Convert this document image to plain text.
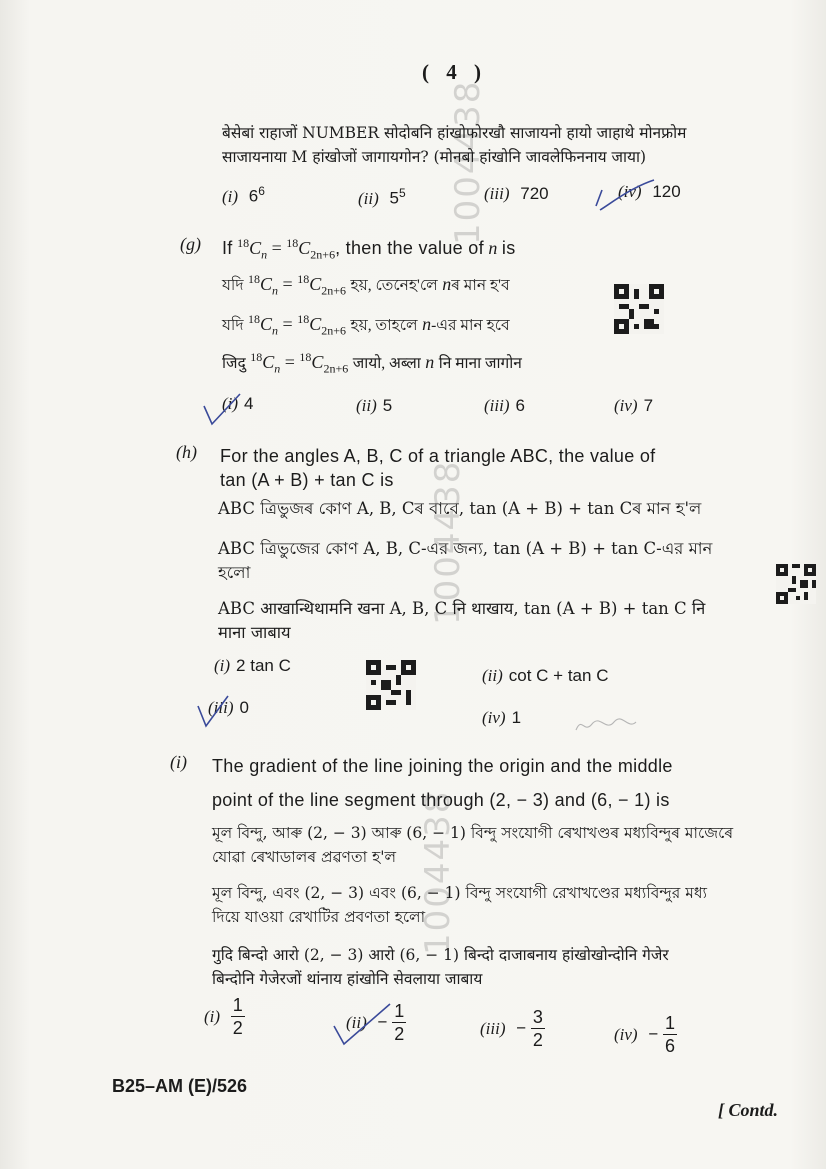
1004438
1004438
1004438
( 4 )
बेसेबां राहाजों NUMBER सोदोबनि हांखोफोरखौ साजायनो हायो जाहाथे मोनफ्रोम
साजायनाया M हांखोजों जागायगोन? (मोनबो हांखोनि जावलेफिननाय जाया)
(i) $6^6$	(ii) $5^5$	(iii) 720	(iv) 120
(g) If $^{18}C_n = ^{18}C_{2n+6}$, then the value of n is
যদি $^{18}C_n = ^{18}C_{2n+6}$ হয়, তেনেহ'লে nৰ মান হ'ব
যদি $^{18}C_n = ^{18}C_{2n+6}$ হয়, তাহলে n-এর মান হবে
जिदु $^{18}C_n = ^{18}C_{2n+6}$ जायो, अब्ला n नि माना जागोन
(i) 4	(ii) 5	(iii) 6	(iv) 7
(h) For the angles A, B, C of a triangle ABC, the value of
tan (A + B) + tan C is
ABC ত্ৰিভুজৰ কোণ A, B, Cৰ বাবে, tan (A + B) + tan Cৰ মান হ'ল
ABC ত্রিভুজের কোণ A, B, C-এর জন্য, tan (A + B) + tan C-এর মান
হলো
ABC आखान्थिथामनि खना A, B, C नि थाखाय, tan (A + B) + tan C नि
माना जाबाय
(i) 2 tan C
(ii) cot C + tan C
(iii) 0
(iv) 1
(i) The gradient of the line joining the origin and the middle
point of the line segment through (2, − 3) and (6, − 1) is
মূল বিন্দু, আৰু (2, − 3) আৰু (6, − 1) বিন্দু সংযোগী ৰেখাখণ্ডৰ মধ্যবিন্দুৰ মাজেৰে
যোৱা ৰেখাডালৰ প্ৰৱণতা হ'ল
মূল বিন্দু, এবং (2, − 3) এবং (6, − 1) বিন্দু সংযোগী রেখাখণ্ডের মধ্যবিন্দুর মধ্য
দিয়ে যাওয়া রেখাটির প্রবণতা হলো
गुदि बिन्दो आरो (2, − 3) आरो (6, − 1) बिन्दो दाजाबनाय हांखोखोन्दोनि गेजेर
बिन्दोनि गेजेरजों थांनाय हांखोनि सेवलाया जाबाय
$(i) \frac{1}{2}$	$(ii) - \frac{1}{2}$	$(iii) - \frac{3}{2}$	$(iv) - \frac{1}{6}$
B25–AM (E)/526
[ Contd.
